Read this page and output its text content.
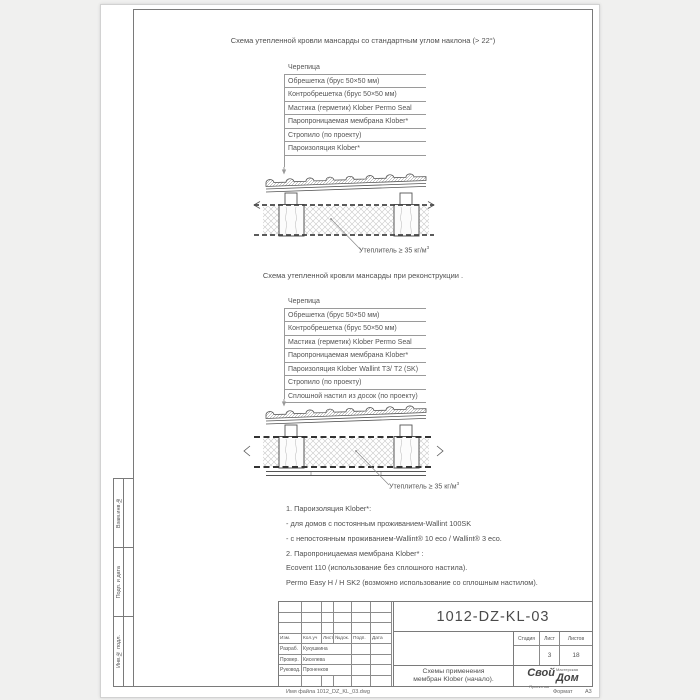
Схема утепленной кровли мансарды со стандартным углом наклона (> 22°)
Черепица
Обрешетка (брус 50×50 мм)
Контробрешетка (брус 50×50 мм)
Мастика (герметик) Klober Permo Seal
Паропроницаемая мембрана Klober*
Стропило (по проекту)
Пароизоляция Klober*
Утеплитель ≥ 35 $кг/м^3$
Схема утепленной кровли мансарды при реконструкции .
Черепица
Обрешетка (брус 50×50 мм)
Контробрешетка (брус 50×50 мм)
Мастика (герметик) Klober Permo Seal
Паропроницаемая мембрана Klober*
Пароизоляция Klober Wallint Т3/ Т2 (SK)
Стропило (по проекту)
Сплошной настил из досок (по проекту)
Утеплитель ≥ 35 $кг/м^3$
1. Пароизоляция Klober*:
- для домов с постоянным проживанием-Wallint 100SK
- с непостоянным проживанием-Wallint® 10 eco / Wallint® 3 eco.
2. Паропроницаемая мембрана Klober* :
Ecovent 110 (использование без сплошного настила).
Permo Easy H / H SK2 (возможно использование со сплошным настилом).
Взам.инв.№
Подп. и дата
Инв.№ подл.	Изм.	Кол.уч	Лист №док. Подп.	Дата
Разраб. Кукушкина
Провер. Киселева
Руковод. Проненков
1012-DZ-KL-03
Стадия	Лист	Листов
3	18
Схемы применения
мембран Klober (начало).
Свой Мастерская
Дом
Проектная
Имя файла 1012_DZ_KL_03.dwg	Формат А3
